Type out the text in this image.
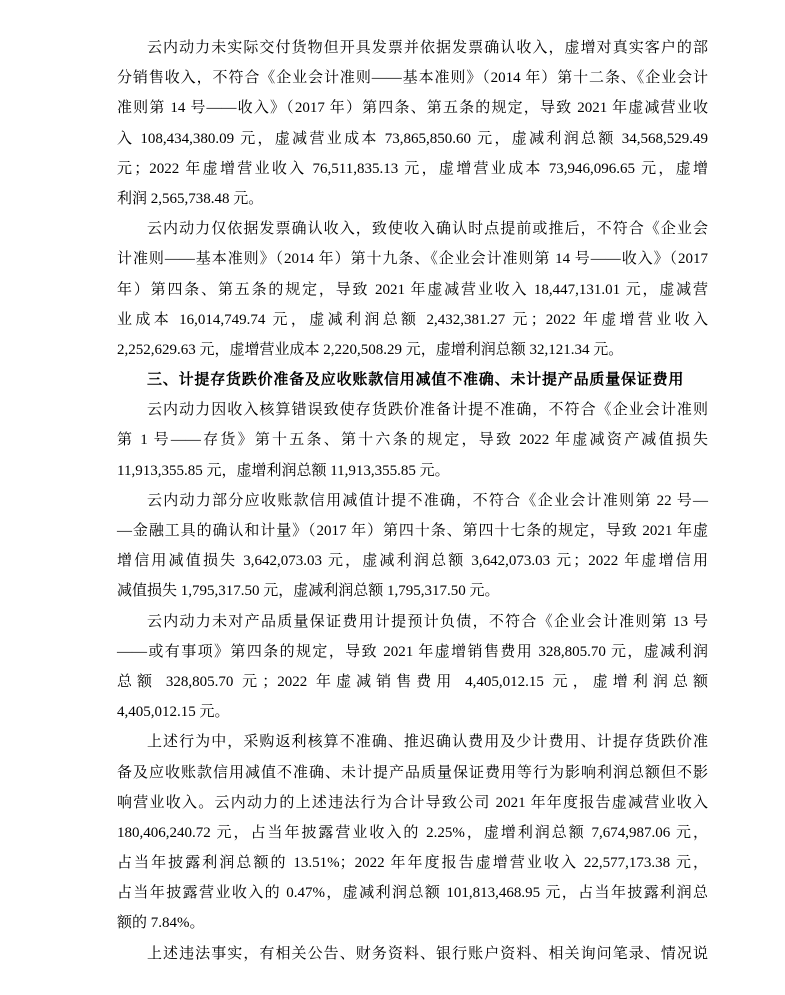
云内动力未实际交付货物但开具发票并依据发票确认收入，虚增对真实客户的部
分销售收入，不符合《企业会计准则——基本准则》（2014 年）第十二条、《企业会计
准则第 14 号——收入》（2017 年）第四条、第五条的规定，导致 2021 年虚减营业收
入 108,434,380.09 元，虚减营业成本 73,865,850.60 元，虚减利润总额 34,568,529.49
元；2022 年虚增营业收入 76,511,835.13 元，虚增营业成本 73,946,096.65 元，虚增
利润 2,565,738.48 元。
云内动力仅依据发票确认收入，致使收入确认时点提前或推后，不符合《企业会
计准则——基本准则》（2014 年）第十九条、《企业会计准则第 14 号——收入》（2017
年）第四条、第五条的规定，导致 2021 年虚减营业收入 18,447,131.01 元，虚减营
业成本 16,014,749.74 元，虚减利润总额 2,432,381.27 元；2022 年虚增营业收入
2,252,629.63 元，虚增营业成本 2,220,508.29 元，虚增利润总额 32,121.34 元。
三、计提存货跌价准备及应收账款信用减值不准确、未计提产品质量保证费用
云内动力因收入核算错误致使存货跌价准备计提不准确，不符合《企业会计准则
第 1 号——存货》第十五条、第十六条的规定，导致 2022 年虚减资产减值损失
11,913,355.85 元，虚增利润总额 11,913,355.85 元。
云内动力部分应收账款信用减值计提不准确，不符合《企业会计准则第 22 号—
—金融工具的确认和计量》（2017 年）第四十条、第四十七条的规定，导致 2021 年虚
增信用减值损失 3,642,073.03 元，虚减利润总额 3,642,073.03 元；2022 年虚增信用
减值损失 1,795,317.50 元，虚减利润总额 1,795,317.50 元。
云内动力未对产品质量保证费用计提预计负债，不符合《企业会计准则第 13 号
——或有事项》第四条的规定，导致 2021 年虚增销售费用 328,805.70 元，虚减利润
总额 328,805.70 元；2022 年虚减销售费用 4,405,012.15 元，虚增利润总额
4,405,012.15 元。
上述行为中，采购返利核算不准确、推迟确认费用及少计费用、计提存货跌价准
备及应收账款信用减值不准确、未计提产品质量保证费用等行为影响利润总额但不影
响营业收入。云内动力的上述违法行为合计导致公司 2021 年年度报告虚减营业收入
180,406,240.72 元，占当年披露营业收入的 2.25%，虚增利润总额 7,674,987.06 元，
占当年披露利润总额的 13.51%；2022 年年度报告虚增营业收入 22,577,173.38 元，
占当年披露营业收入的 0.47%，虚减利润总额 101,813,468.95 元，占当年披露利润总
额的 7.84%。
上述违法事实，有相关公告、财务资料、银行账户资料、相关询问笔录、情况说
